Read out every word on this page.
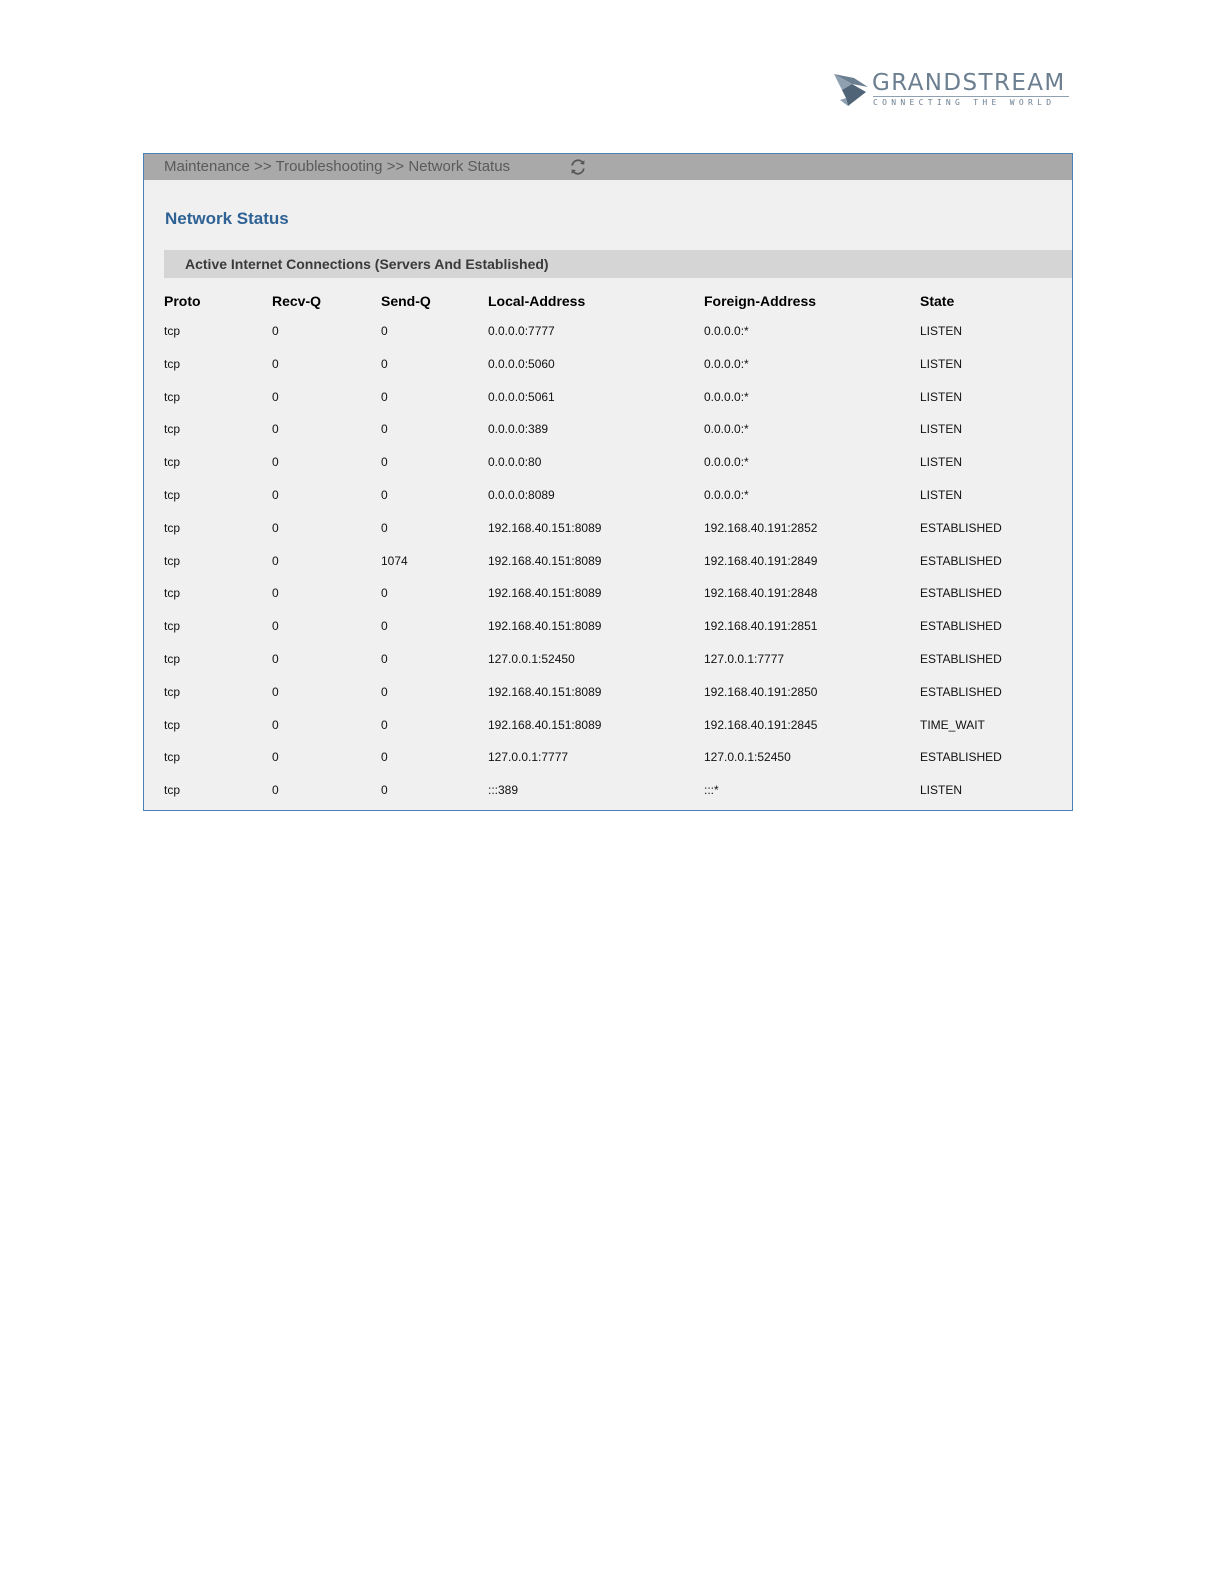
GRANDSTREAM
CONNECTING THE WORLD
Maintenance >> Troubleshooting >> Network Status
Network Status
Active Internet Connections (Servers And Established)
Proto	Recv-Q	Send-Q	Local-Address	Foreign-Address	State
tcp	0	0	0.0.0.0:7777	0.0.0.0:*	LISTEN
tcp	0	0	0.0.0.0:5060	0.0.0.0:*	LISTEN
tcp	0	0	0.0.0.0:5061	0.0.0.0:*	LISTEN
tcp	0	0	0.0.0.0:389	0.0.0.0:*	LISTEN
tcp	0	0	0.0.0.0:80	0.0.0.0:*	LISTEN
tcp	0	0	0.0.0.0:8089	0.0.0.0:*	LISTEN
tcp	0	0	192.168.40.151:8089	192.168.40.191:2852	ESTABLISHED
tcp	0	1074	192.168.40.151:8089	192.168.40.191:2849	ESTABLISHED
tcp	0	0	192.168.40.151:8089	192.168.40.191:2848	ESTABLISHED
tcp	0	0	192.168.40.151:8089	192.168.40.191:2851	ESTABLISHED
tcp	0	0	127.0.0.1:52450	127.0.0.1:7777	ESTABLISHED
tcp	0	0	192.168.40.151:8089	192.168.40.191:2850	ESTABLISHED
tcp	0	0	192.168.40.151:8089	192.168.40.191:2845	TIME_WAIT
tcp	0	0	127.0.0.1:7777	127.0.0.1:52450	ESTABLISHED
tcp	0	0	:::389	:::*	LISTEN
